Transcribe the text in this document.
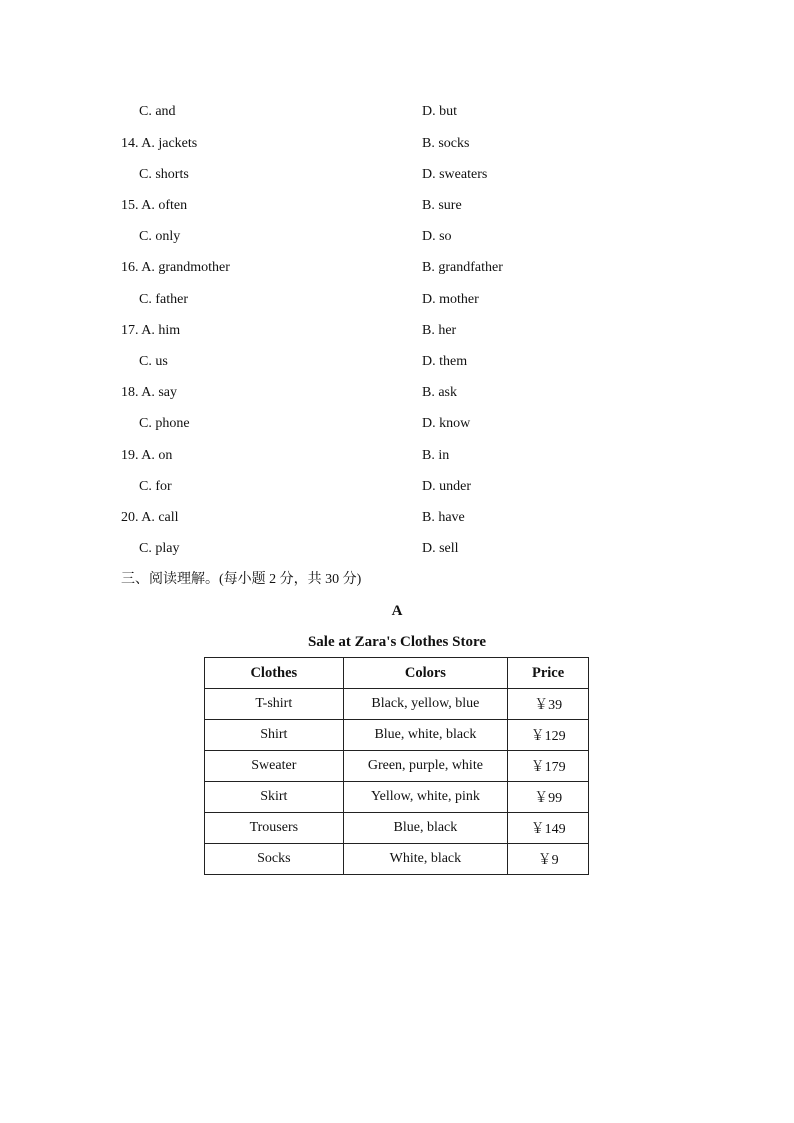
C. and	D. but
14. A. jackets	B. socks
C. shorts	D. sweaters
15. A. often	B. sure
C. only	D. so
16. A. grandmother	B. grandfather
C. father	D. mother
17. A. him	B. her
C. us	D. them
18. A. say	B. ask
C. phone	D. know
19. A. on	B. in
C. for	D. under
20. A. call	B. have
C. play	D. sell
三、阅读理解。(每小题 2 分，共 30 分)
A
Sale at Zara's Clothes Store
Clothes	Colors	Price
T-shirt	Black, yellow, blue	￥39
Shirt	Blue, white, black	￥129
Sweater	Green, purple, white	￥179
Skirt	Yellow, white, pink	￥99
Trousers	Blue, black	￥149
Socks	White, black	￥9
